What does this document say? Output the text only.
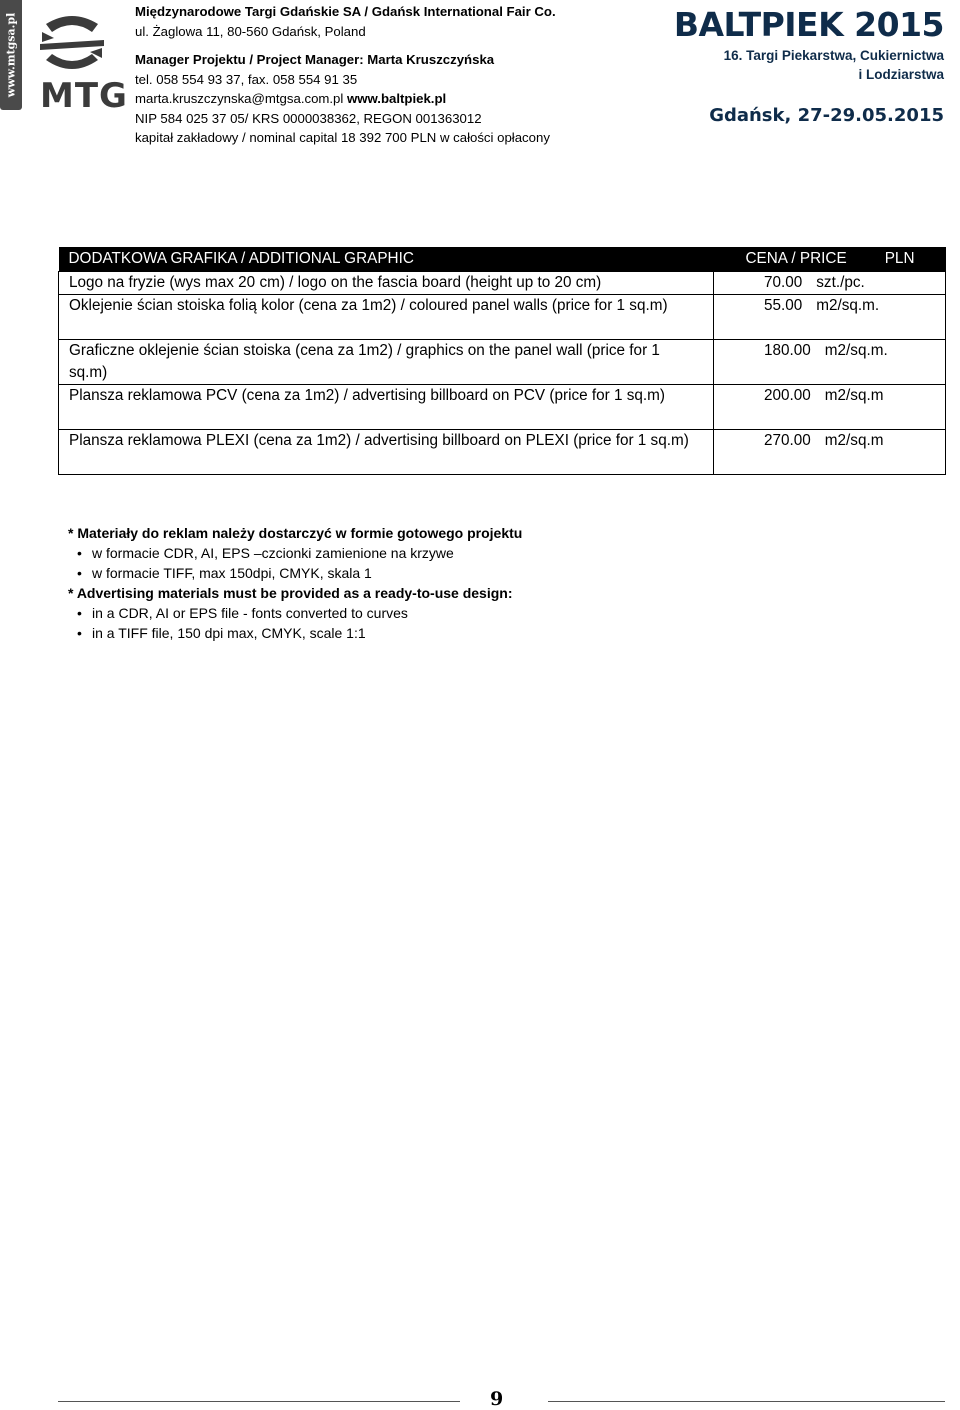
www.mtgsa.pl MTG
Międzynarodowe Targi Gdańskie SA / Gdańsk International Fair Co.
ul. Żaglowa 11, 80-560 Gdańsk, Poland
Manager Projektu / Project Manager: Marta Kruszczyńska
tel. 058 554 93 37, fax. 058 554 91 35
marta.kruszczynska@mtgsa.com.pl www.baltpiek.pl
NIP 584 025 37 05/ KRS 0000038362, REGON 001363012
kapitał zakładowy / nominal capital 18 392 700 PLN w całości opłacony
BALTPIEK 2015
16. Targi Piekarstwa, Cukiernictwa
i Lodziarstwa
Gdańsk, 27-29.05.2015
DODATKOWA GRAFIKA / ADDITIONAL GRAPHIC	CENA / PRICE PLN

Logo na fryzie (wys max 20 cm) / logo on the fascia board (height up to 20 cm)	70.00 szt./pc.
Oklejenie ścian stoiska folią kolor (cena za 1m2) / coloured panel walls (price for 1 sq.m)	55.00 m2/sq.m.
Graficzne oklejenie ścian stoiska (cena za 1m2) / graphics on the panel wall (price for 1 sq.m)	180.00 m2/sq.m.
Plansza reklamowa PCV (cena za 1m2) / advertising billboard on PCV (price for 1 sq.m)	200.00 m2/sq.m
Plansza reklamowa PLEXI (cena za 1m2) / advertising billboard on PLEXI (price for 1 sq.m)	270.00 m2/sq.m
* Materiały do reklam należy dostarczyć w formie gotowego projektu
• w formacie CDR, AI, EPS –czcionki zamienione na krzywe
• w formacie TIFF, max 150dpi, CMYK, skala 1
* Advertising materials must be provided as a ready-to-use design:
• in a CDR, AI or EPS file - fonts converted to curves
• in a TIFF file, 150 dpi max, CMYK, scale 1:1
9
